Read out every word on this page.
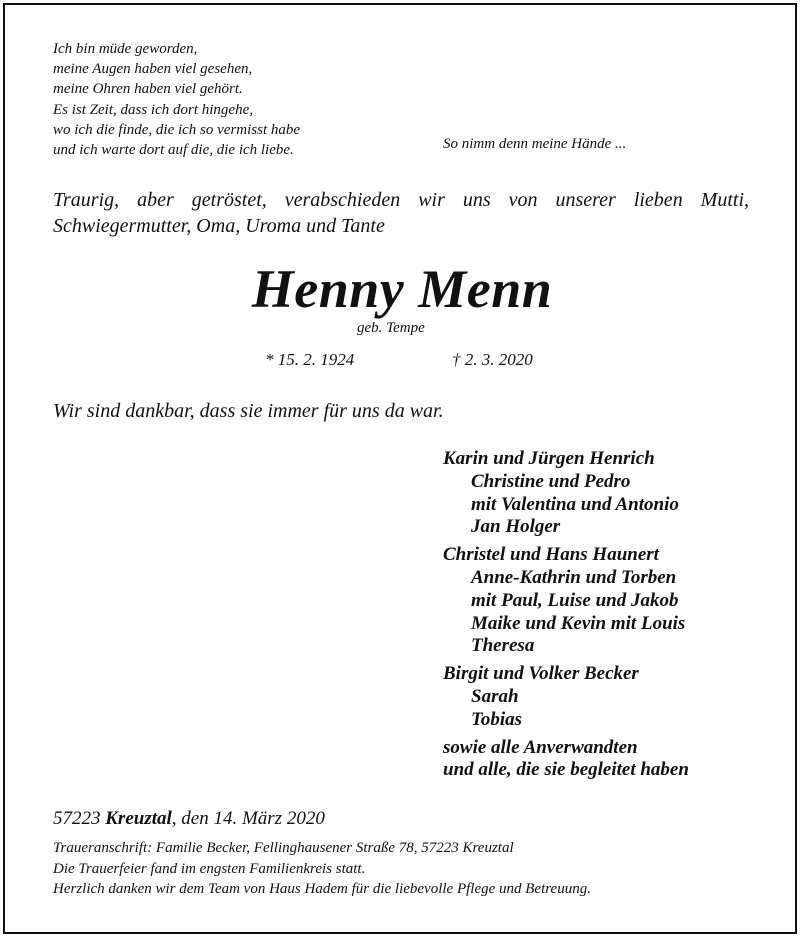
Ich bin müde geworden,
meine Augen haben viel gesehen,
meine Ohren haben viel gehört.
Es ist Zeit, dass ich dort hingehe,
wo ich die finde, die ich so vermisst habe
und ich warte dort auf die, die ich liebe.	So nimm denn meine Hände ...
Traurig, aber getröstet, verabschieden wir uns von unserer lieben Mutti,
Schwiegermutter, Oma, Uroma und Tante
Henny Menn
geb. Tempe
* 15. 2. 1924	† 2. 3. 2020
Wir sind dankbar, dass sie immer für uns da war.
Karin und Jürgen Henrich
Christine und Pedro
mit Valentina und Antonio
Jan Holger
Christel und Hans Haunert
Anne-Kathrin und Torben
mit Paul, Luise und Jakob
Maike und Kevin mit Louis
Theresa
Birgit und Volker Becker
Sarah
Tobias
sowie alle Anverwandten
und alle, die sie begleitet haben
57223 Kreuztal, den 14. März 2020
Traueranschrift: Familie Becker, Fellinghausener Straße 78, 57223 Kreuztal
Die Trauerfeier fand im engsten Familienkreis statt.
Herzlich danken wir dem Team von Haus Hadem für die liebevolle Pflege und Betreuung.
